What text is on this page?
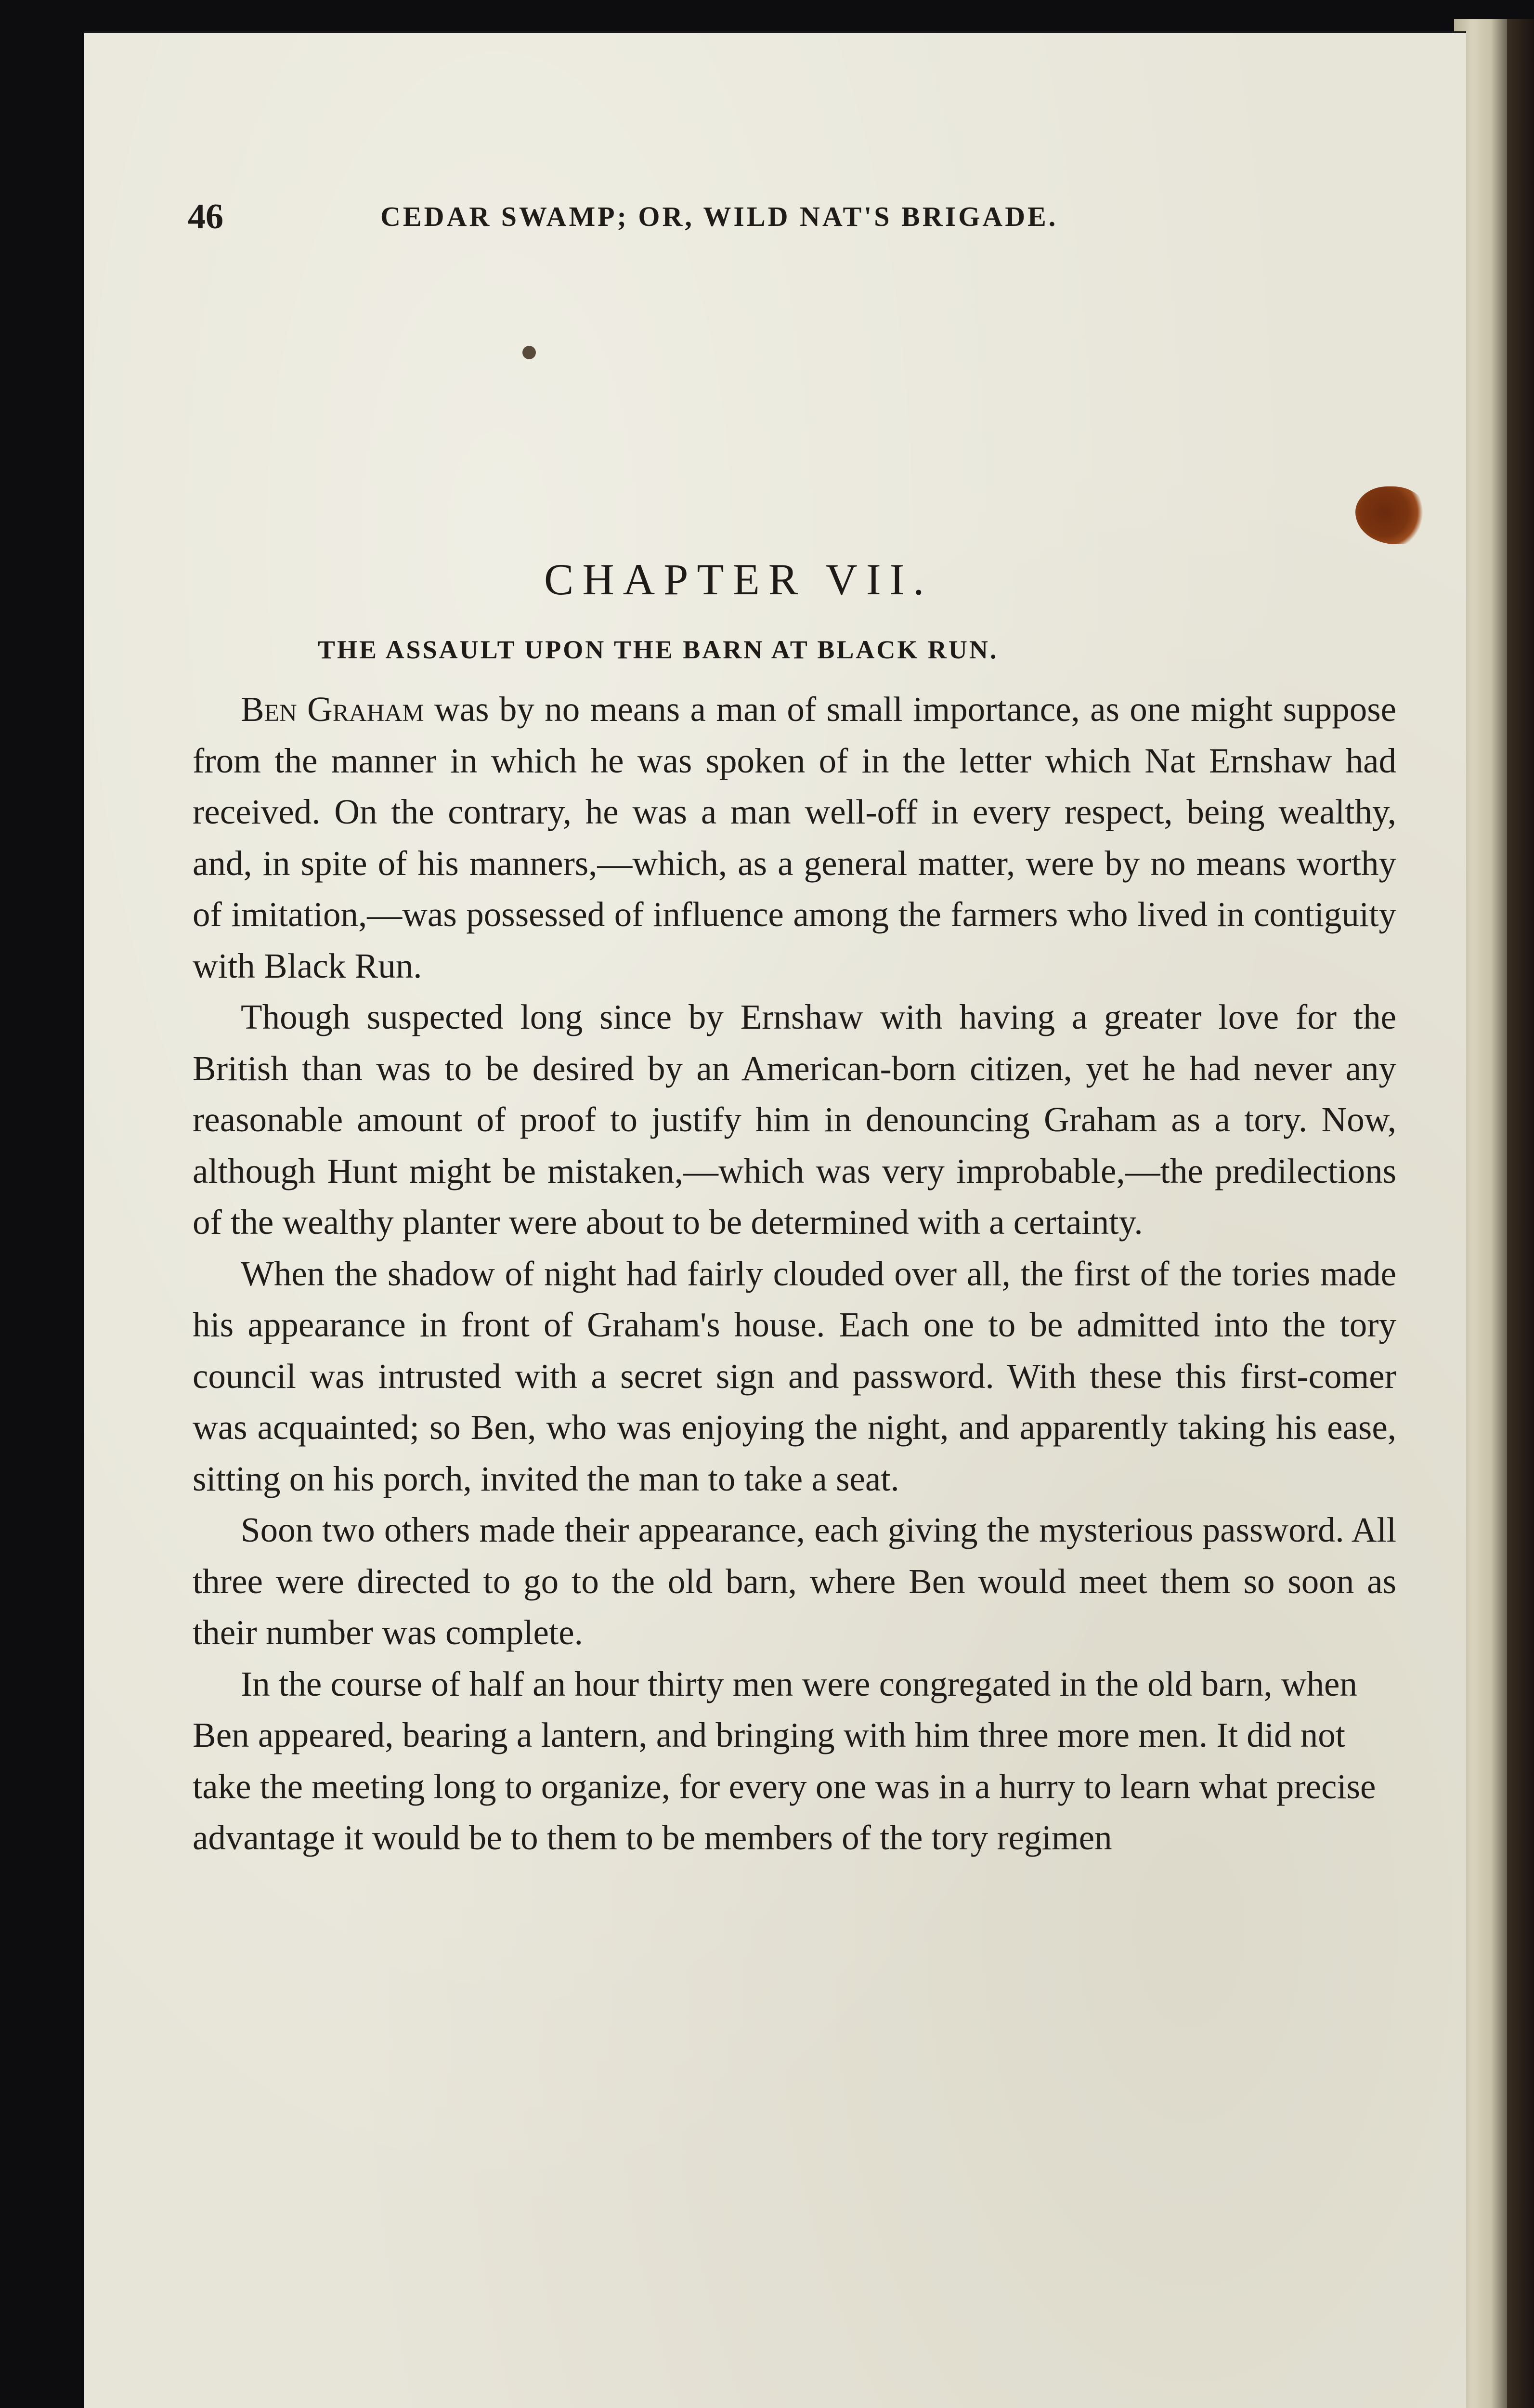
46	CEDAR SWAMP; OR, WILD NAT'S BRIGADE.
CHAPTER VII.
THE ASSAULT UPON THE BARN AT BLACK RUN.

Ben Graham was by no means a man of small importance, as one might suppose from the manner in which he was spoken of in the letter which Nat Ernshaw had received. On the contrary, he was a man well-off in every respect, being wealthy, and, in spite of his manners,—which, as a general matter, were by no means worthy of imitation,—was possessed of influence among the farmers who lived in contiguity with Black Run.

Though suspected long since by Ernshaw with having a greater love for the British than was to be desired by an American-born citizen, yet he had never any reasonable amount of proof to justify him in denouncing Graham as a tory. Now, although Hunt might be mistaken,—which was very improbable,—the predilections of the wealthy planter were about to be determined with a certainty.

When the shadow of night had fairly clouded over all, the first of the tories made his appearance in front of Graham's house. Each one to be admitted into the tory council was intrusted with a secret sign and password. With these this first-comer was acquainted; so Ben, who was enjoying the night, and apparently taking his ease, sitting on his porch, invited the man to take a seat.

Soon two others made their appearance, each giving the mysterious password. All three were directed to go to the old barn, where Ben would meet them so soon as their number was complete.

In the course of half an hour thirty men were congregated in the old barn, when Ben appeared, bearing a lantern, and bringing with him three more men. It did not take the meeting long to organize, for every one was in a hurry to learn what precise advantage it would be to them to be members of the tory regimen
